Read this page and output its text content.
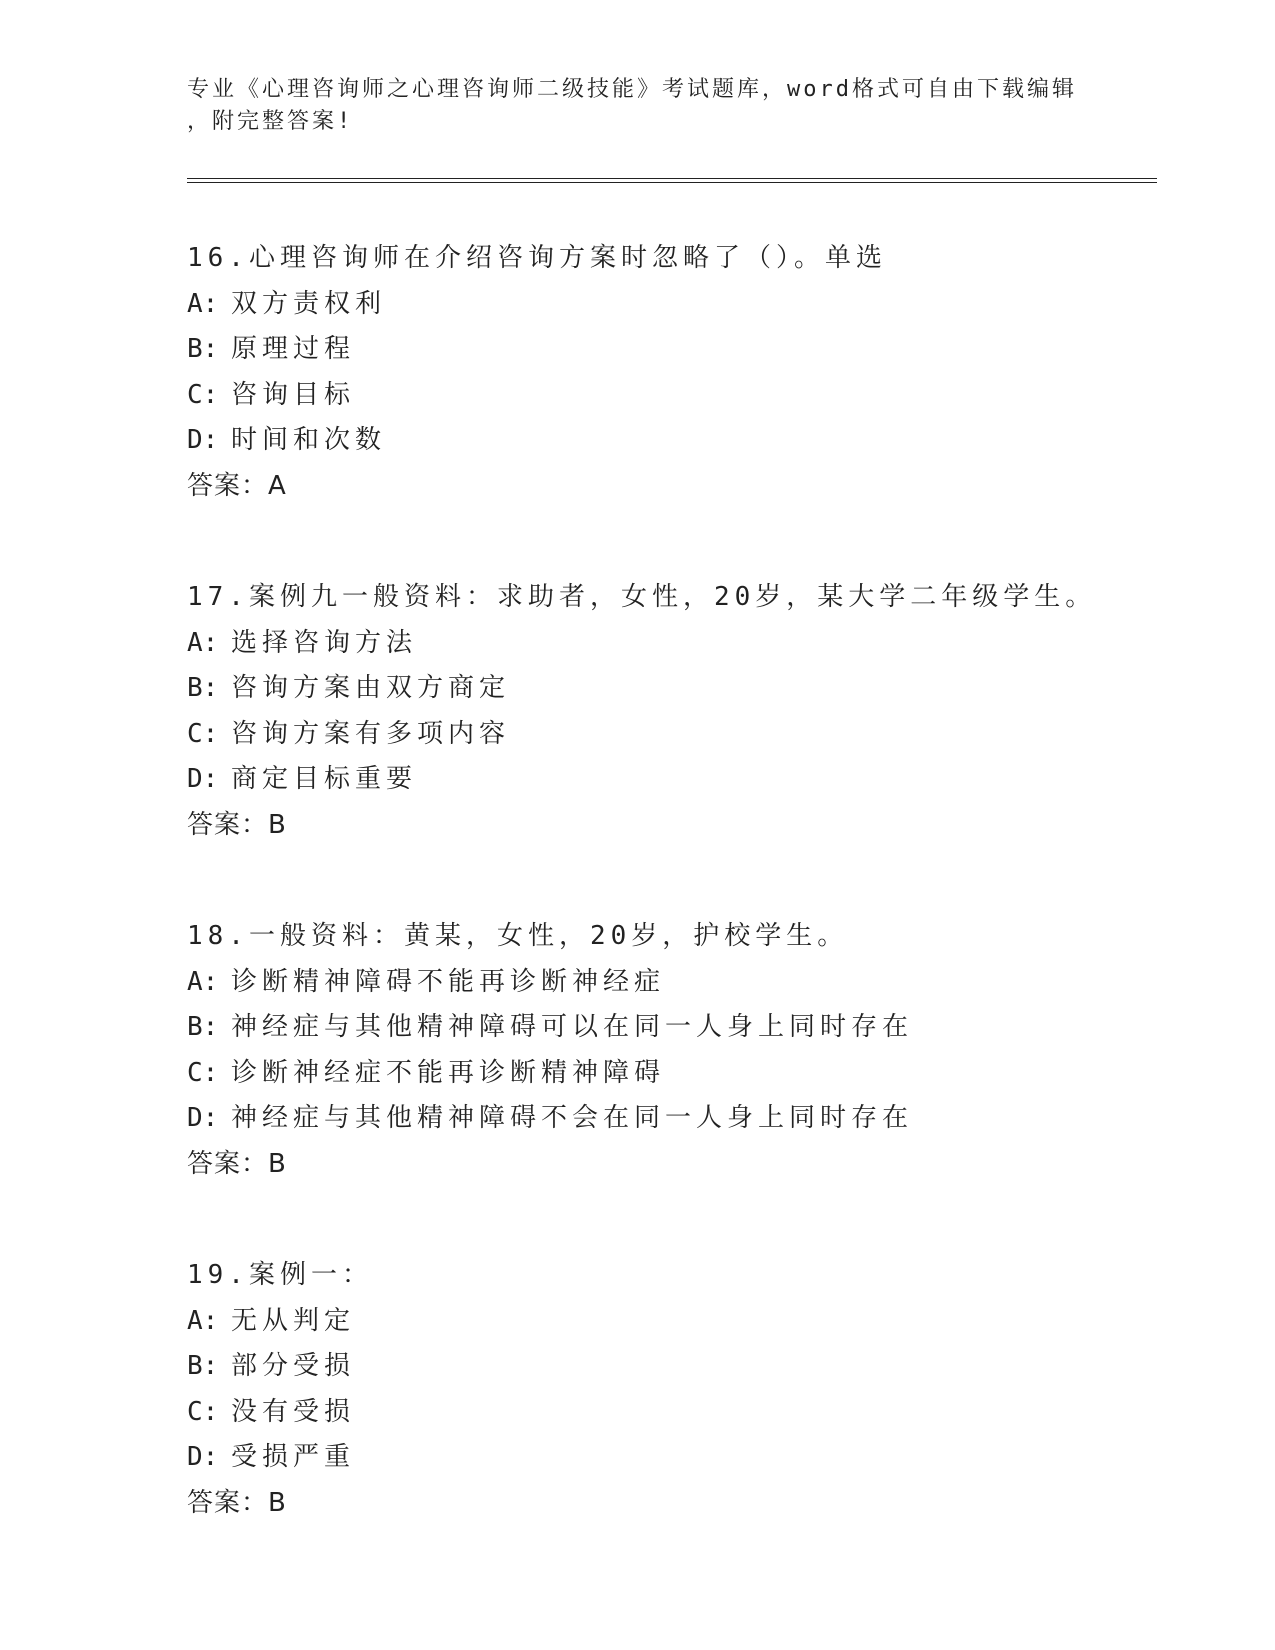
专业《心理咨询师之心理咨询师二级技能》考试题库，word格式可自由下载编辑
，附完整答案!
16.心理咨询师在介绍咨询方案时忽略了（）。单选
A: 双方责权利
B: 原理过程
C: 咨询目标
D: 时间和次数
答案：A
17.案例九一般资料：求助者，女性，20岁，某大学二年级学生。
A: 选择咨询方法
B: 咨询方案由双方商定
C: 咨询方案有多项内容
D: 商定目标重要
答案：B
18.一般资料：黄某，女性，20岁，护校学生。
A: 诊断精神障碍不能再诊断神经症
B: 神经症与其他精神障碍可以在同一人身上同时存在
C: 诊断神经症不能再诊断精神障碍
D: 神经症与其他精神障碍不会在同一人身上同时存在
答案：B
19.案例一：
A: 无从判定
B: 部分受损
C: 没有受损
D: 受损严重
答案：B
